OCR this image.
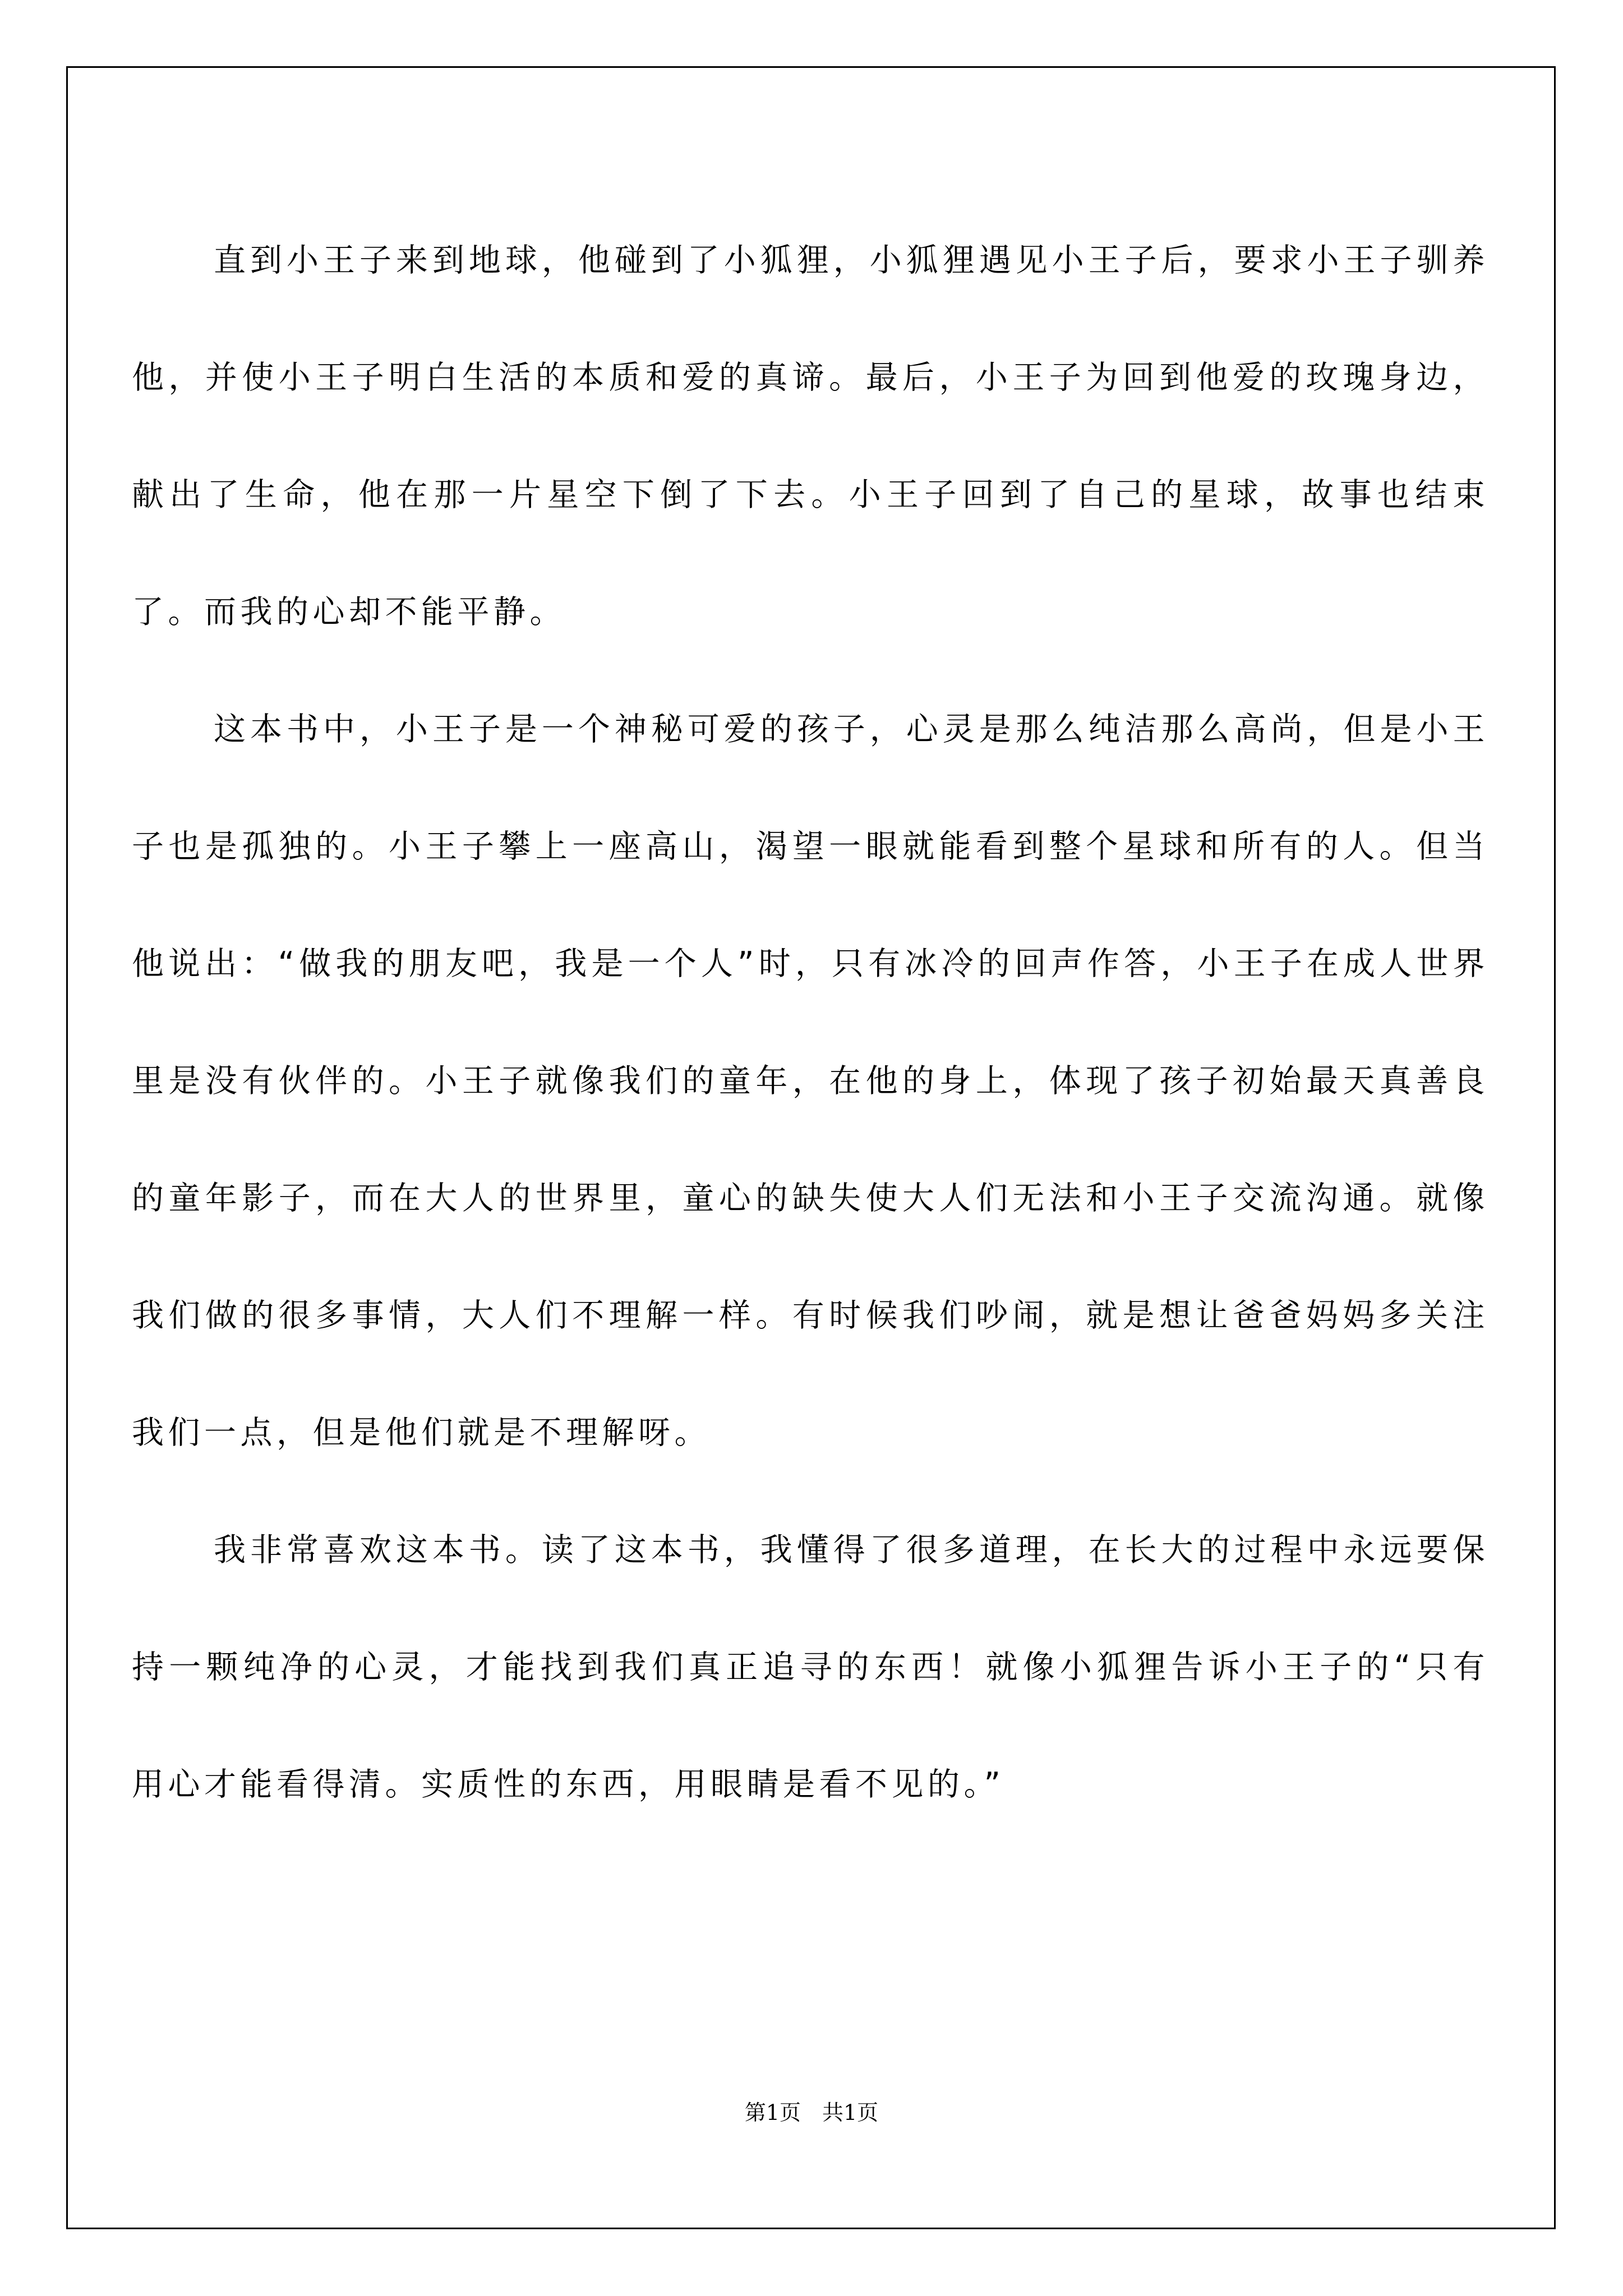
直到小王子来到地球，他碰到了小狐狸，小狐狸遇见小王子后，要求小王子驯养他，并使小王子明白生活的本质和爱的真谛。最后，小王子为回到他爱的玫瑰身边，献出了生命，他在那一片星空下倒了下去。小王子回到了自己的星球，故事也结束了。而我的心却不能平静。

这本书中，小王子是一个神秘可爱的孩子，心灵是那么纯洁那么高尚，但是小王子也是孤独的。小王子攀上一座高山，渴望一眼就能看到整个星球和所有的人。但当他说出：“做我的朋友吧，我是一个人”时，只有冰冷的回声作答，小王子在成人世界里是没有伙伴的。小王子就像我们的童年，在他的身上，体现了孩子初始最天真善良的童年影子，而在大人的世界里，童心的缺失使大人们无法和小王子交流沟通。就像我们做的很多事情，大人们不理解一样。有时候我们吵闹，就是想让爸爸妈妈多关注我们一点，但是他们就是不理解呀。

我非常喜欢这本书。读了这本书，我懂得了很多道理，在长大的过程中永远要保持一颗纯净的心灵，才能找到我们真正追寻的东西！就像小狐狸告诉小王子的“只有用心才能看得清。实质性的东西，用眼睛是看不见的。”

第1页　共1页
